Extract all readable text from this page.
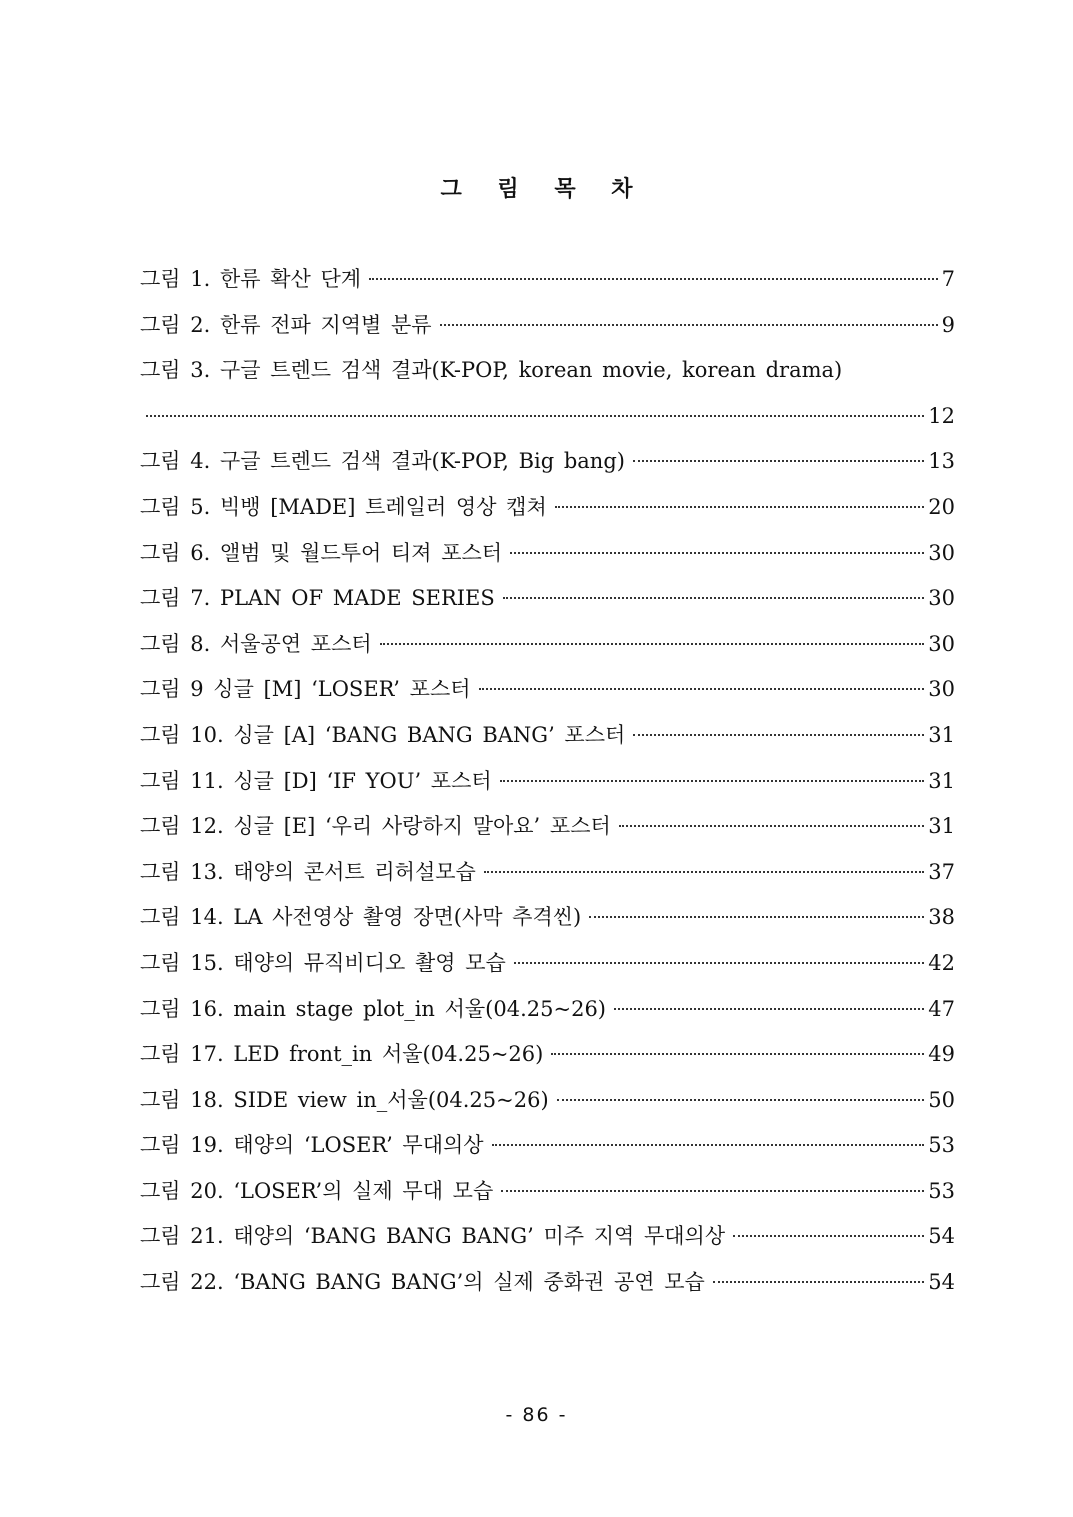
그 림 목 차
그림 1. 한류 확산 단계	7
그림 2. 한류 전파 지역별 분류	9
그림 3. 구글 트렌드 검색 결과(K-POP, korean movie, korean drama)
12
그림 4. 구글 트렌드 검색 결과(K-POP, Big bang)	13
그림 5. 빅뱅 [MADE] 트레일러 영상 캡쳐	20
그림 6. 앨범 및 월드투어 티져 포스터	30
그림 7. PLAN OF MADE SERIES	30
그림 8. 서울공연 포스터	30
그림 9 싱글 [M] ‘LOSER’ 포스터	30
그림 10. 싱글 [A] ‘BANG BANG BANG’ 포스터	31
그림 11. 싱글 [D] ‘IF YOU’ 포스터	31
그림 12. 싱글 [E] ‘우리 사랑하지 말아요’ 포스터	31
그림 13. 태양의 콘서트 리허설모습	37
그림 14. LA 사전영상 촬영 장면(사막 추격씬)	38
그림 15. 태양의 뮤직비디오 촬영 모습	42
그림 16. main stage plot_in 서울(04.25~26)	47
그림 17. LED front_in 서울(04.25~26)	49
그림 18. SIDE view in_서울(04.25~26)	50
그림 19. 태양의 ‘LOSER’ 무대의상	53
그림 20. ‘LOSER’의 실제 무대 모습	53
그림 21. 태양의 ‘BANG BANG BANG’ 미주 지역 무대의상	54
그림 22. ‘BANG BANG BANG’의 실제 중화권 공연 모습	54
- 86 -
